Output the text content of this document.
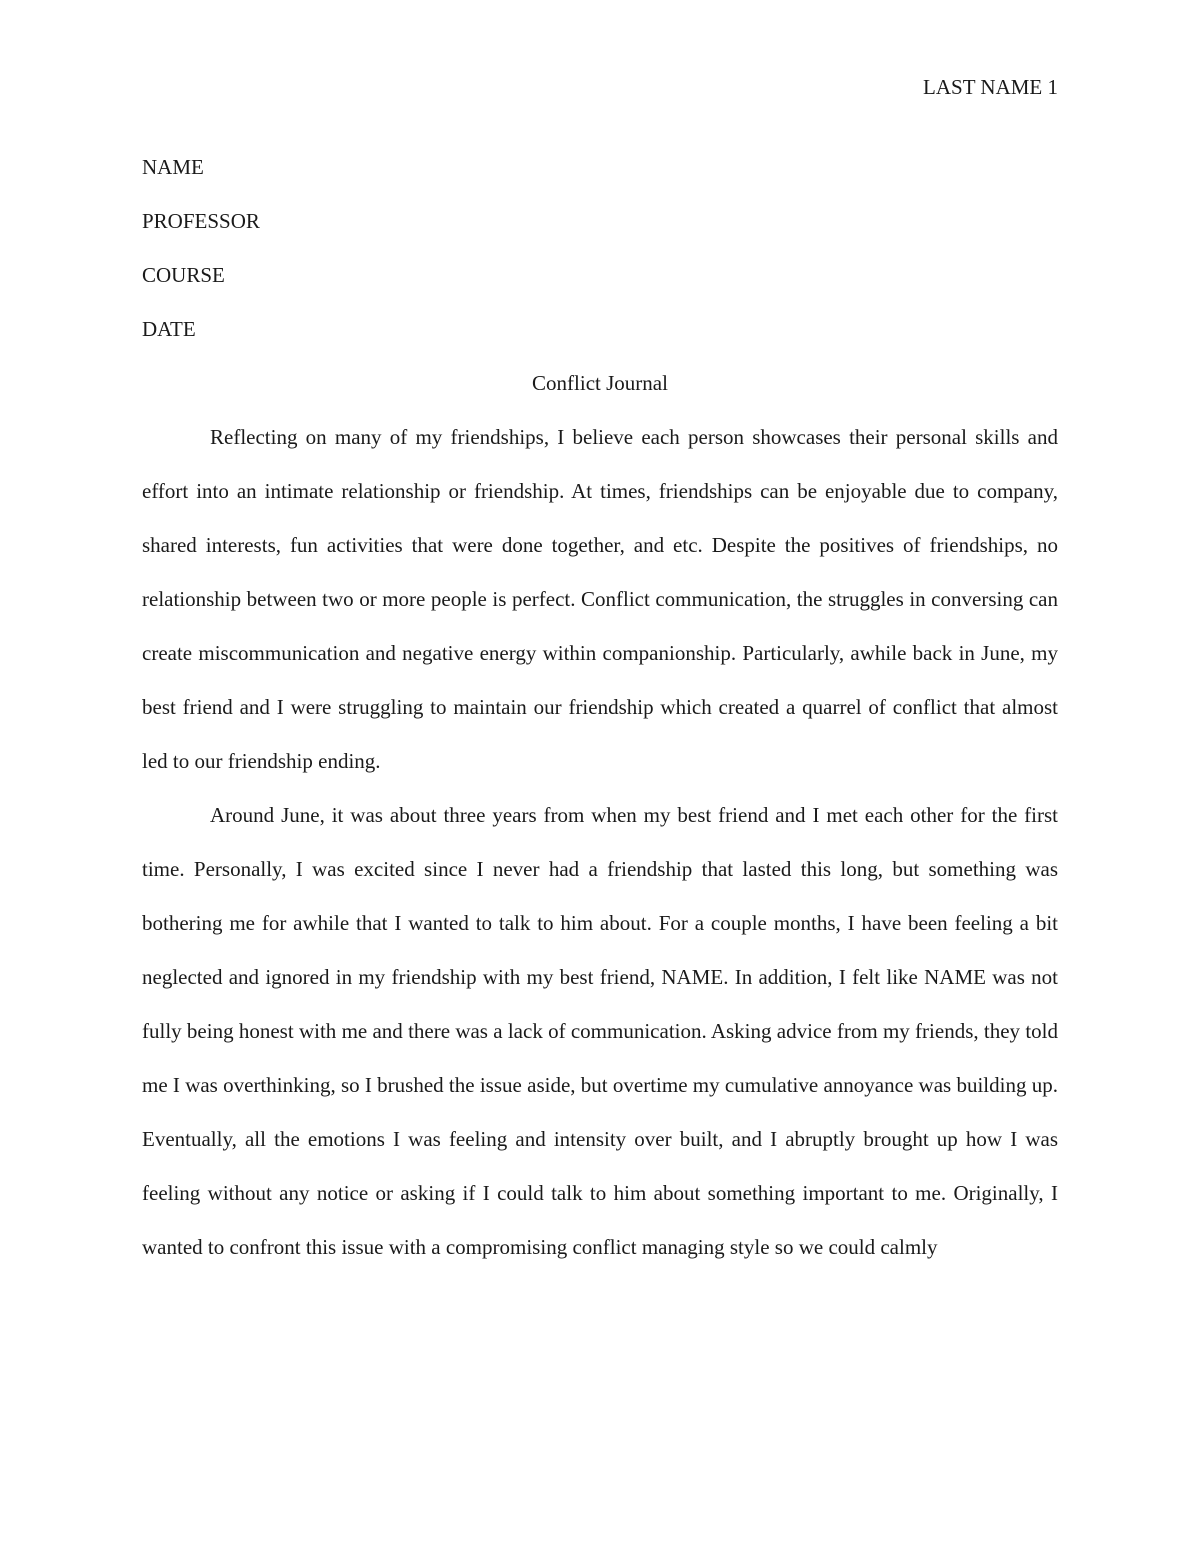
LAST NAME 1

NAME

PROFESSOR

COURSE

DATE

Conflict Journal

Reflecting on many of my friendships, I believe each person showcases their personal skills and effort into an intimate relationship or friendship. At times, friendships can be enjoyable due to company, shared interests, fun activities that were done together, and etc. Despite the positives of friendships, no relationship between two or more people is perfect. Conflict communication, the struggles in conversing can create miscommunication and negative energy within companionship. Particularly, awhile back in June, my best friend and I were struggling to maintain our friendship which created a quarrel of conflict that almost led to our friendship ending.

Around June, it was about three years from when my best friend and I met each other for the first time. Personally, I was excited since I never had a friendship that lasted this long, but something was bothering me for awhile that I wanted to talk to him about. For a couple months, I have been feeling a bit neglected and ignored in my friendship with my best friend, NAME. In addition, I felt like NAME was not fully being honest with me and there was a lack of communication. Asking advice from my friends, they told me I was overthinking, so I brushed the issue aside, but overtime my cumulative annoyance was building up. Eventually, all the emotions I was feeling and intensity over built, and I abruptly brought up how I was feeling without any notice or asking if I could talk to him about something important to me. Originally, I wanted to confront this issue with a compromising conflict managing style so we could calmly
